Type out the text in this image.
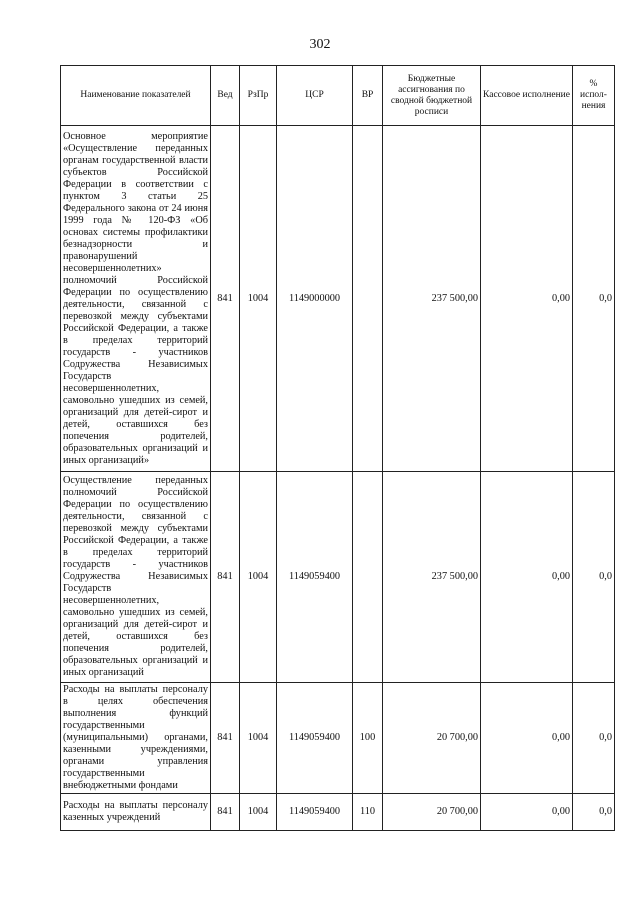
302
Наименование показателей	Вед	РзПр	ЦСР	ВР	Бюджетные ассигнования по сводной бюджетной росписи	Кассовое исполнение	% испол-нения
Основное мероприятие «Осуществление переданных органам государственной власти субъектов Российской Федерации в соответствии с пунктом 3 статьи 25 Федерального закона от 24 июня 1999 года № 120-ФЗ «Об основах системы профилактики безнадзорности и правонарушений несовершеннолетних» полномочий Российской Федерации по осуществлению деятельности, связанной с перевозкой между субъектами Российской Федерации, а также в пределах территорий государств - участников Содружества Независимых Государств несовершеннолетних, самовольно ушедших из семей, организаций для детей-сирот и детей, оставшихся без попечения родителей, образовательных организаций и иных организаций»	841	1004	1149000000		237 500,00	0,00	0,0
Осуществление переданных полномочий Российской Федерации по осуществлению деятельности, связанной с перевозкой между субъектами Российской Федерации, а также в пределах территорий государств - участников Содружества Независимых Государств несовершеннолетних, самовольно ушедших из семей, организаций для детей-сирот и детей, оставшихся без попечения родителей, образовательных организаций и иных организаций	841	1004	1149059400		237 500,00	0,00	0,0
Расходы на выплаты персоналу в целях обеспечения выполнения функций государственными (муниципальными) органами, казенными учреждениями, органами управления государственными внебюджетными фондами	841	1004	1149059400	100	20 700,00	0,00	0,0
Расходы на выплаты персоналу казенных учреждений	841	1004	1149059400	110	20 700,00	0,00	0,0
